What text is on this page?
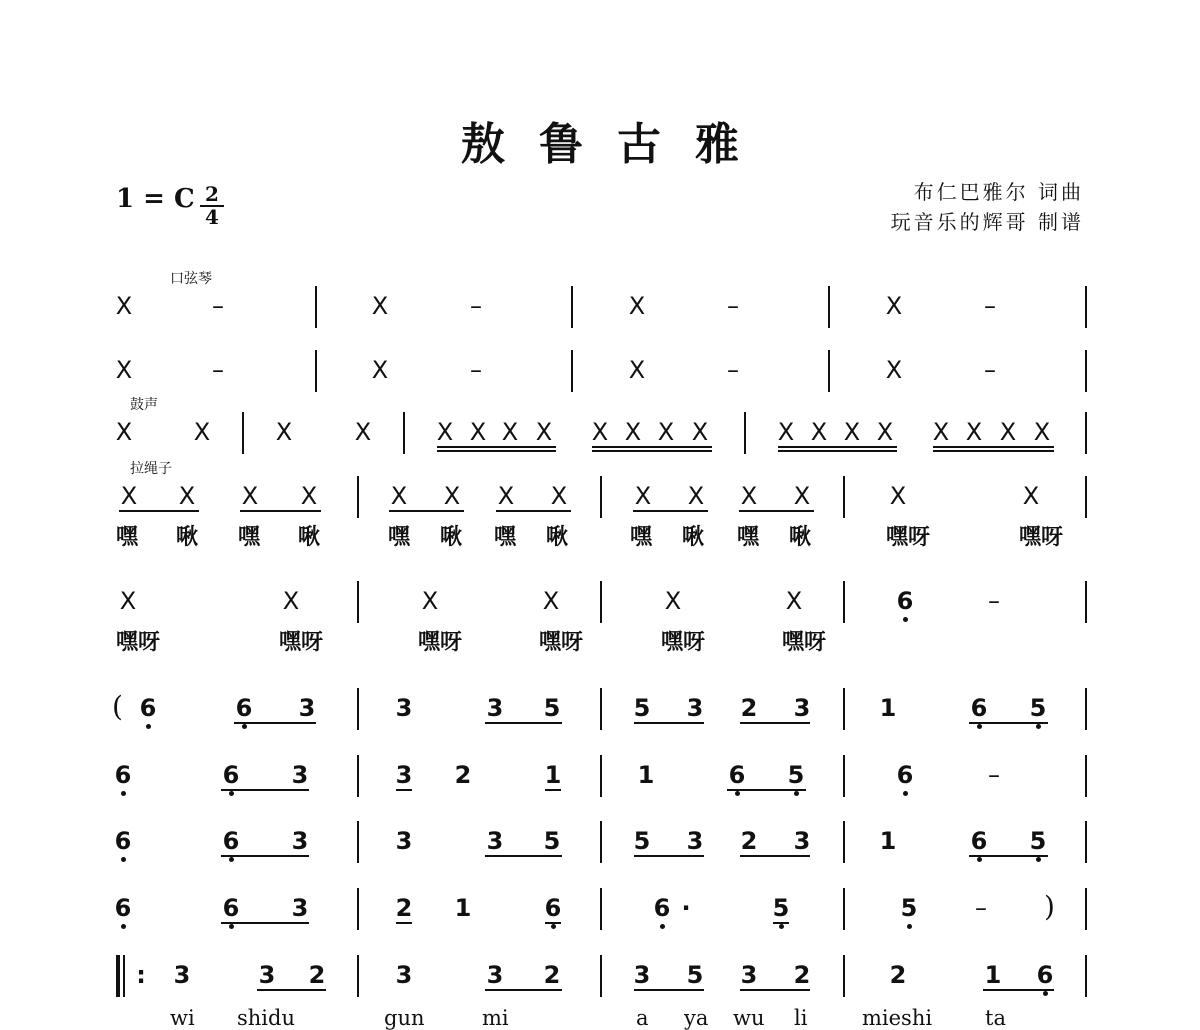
敖鲁古雅
1 = C $\frac{2}{4}$	布仁巴雅尔 词曲
玩音乐的辉哥 制谱
口弦琴
鼓声
拉绳子
X	–	X	–	X	–	X	–
X	–	X	–	X	–	X	–
X	X	X	X	X X X X X X X X	X X X X X X X X
X X X X	X X X X	X X X X	X	X
嘿 啾 嘿 啾	嘿 啾 嘿 啾	嘿 啾 嘿 啾	嘿呀	嘿呀
X	X	X	X	X	X	6	–
嘿呀	嘿呀	嘿呀	嘿呀	嘿呀	嘿呀
( 6	6 3	3	3 5	5 3 2 3	1	6 5
6	6 3	3 2	1	1	6 5	6	–
6	6 3	3	3 5	5 3 2 3	1	6 5
6	6 3	2 1	6	6 ·	5	5 – )
: 3	3 2	3	3 2	3 5 3 2	2	1 6
wi shidu	gun	mi	a ya wu li	mieshi	ta
